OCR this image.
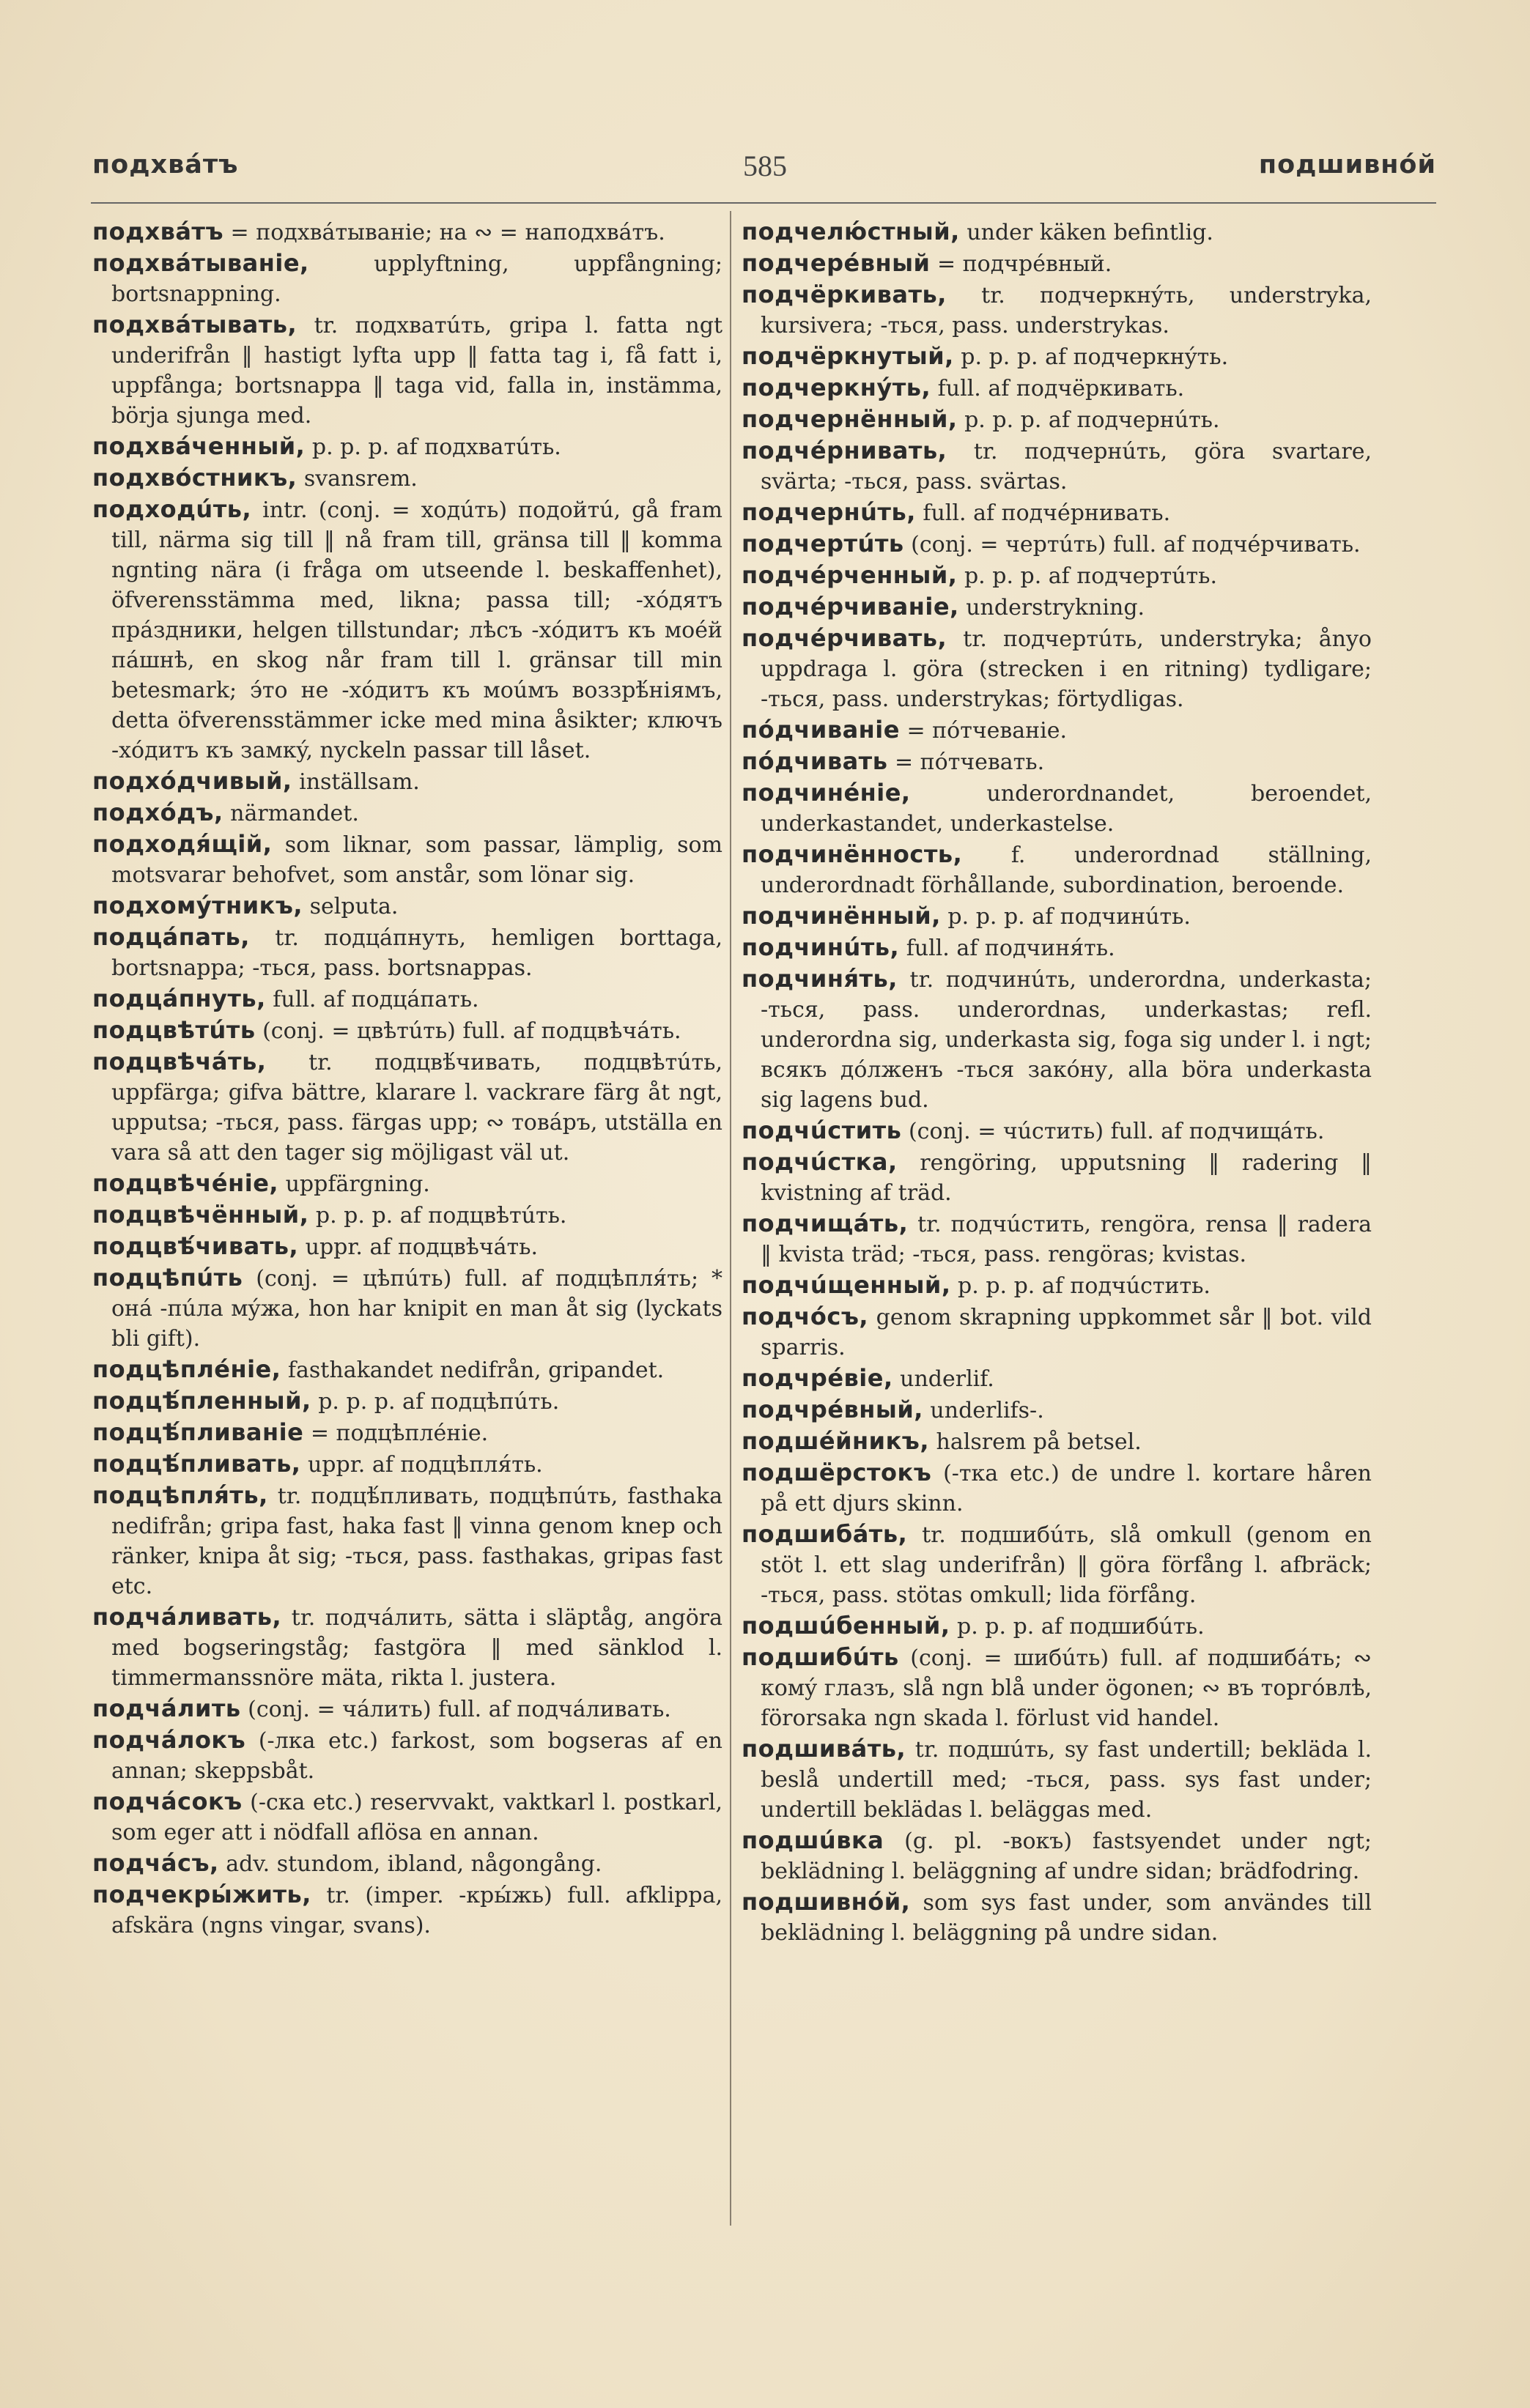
подхвáтъ	585	подшивнóй

подхвáтъ = подхвáтыванiе; на ∾ = наподхвáтъ.

подхвáтыванiе, upplyftning, uppfångning; bortsnappning.

подхвáтывать, tr. подхватúть, gripa l. fatta ngt underifrån ‖ hastigt lyfta upp ‖ fatta tag i, få fatt i, uppfånga; bortsnappa ‖ taga vid, falla in, instämma, börja sjunga med.

подхвáченный, p. p. p. af подхватúть.

подхвóстникъ, svansrem.

подходúть, intr. (conj. = ходúть) подойтú, gå fram till, närma sig till ‖ nå fram till, gränsa till ‖ komma ngnting nära (i fråga om utseende l. beskaffenhet), öfverensstämma med, likna; passa till; -хóдятъ прáздники, helgen tillstundar; лѣсъ -хóдитъ къ моéй пáшнѣ, en skog når fram till l. gränsar till min betesmark; э́то не -хóдитъ къ моúмъ воззрѣ́нiямъ, detta öfverensstämmer icke med mina åsikter; ключъ -хóдитъ къ замкý, nyckeln passar till låset.

подхóдчивый, inställsam.

подхóдъ, närmandet.

подходя́щiй, som liknar, som passar, lämplig, som motsvarar behofvet, som anstår, som lönar sig.

подхомýтникъ, selputa.

подцáпать, tr. подцáпнуть, hemligen borttaga, bortsnappa; -ться, pass. bortsnappas.

подцáпнуть, full. af подцáпать.

подцвѣтúть (conj. = цвѣтúть) full. af подцвѣчáть.

подцвѣчáть, tr. подцвѣ́чивать, подцвѣтúть, uppfärga; gifva bättre, klarare l. vackrare färg åt ngt, upputsa; -ться, pass. färgas upp; ∾ товáръ, utställa en vara så att den tager sig möjligast väl ut.

подцвѣчéнiе, uppfärgning.

подцвѣчённый, p. p. p. af подцвѣтúть.

подцвѣ́чивать, uppr. af подцвѣчáть.

подцѣпúть (conj. = цѣпúть) full. af подцѣпля́ть; * онá -пúла мýжа, hon har knipit en man åt sig (lyckats bli gift).

подцѣплéнiе, fasthakandet nedifrån, gripandet.

подцѣ́пленный, p. p. p. af подцѣпúть.

подцѣ́пливанiе = подцѣплéнiе.

подцѣ́пливать, uppr. af подцѣпля́ть.

подцѣпля́ть, tr. подцѣ́пливать, подцѣпúть, fasthaka nedifrån; gripa fast, haka fast ‖ vinna genom knep och ränker, knipa åt sig; -ться, pass. fasthakas, gripas fast etc.

подчáливать, tr. подчáлить, sätta i släptåg, angöra med bogseringståg; fastgöra ‖ med sänklod l. timmermanssnöre mäta, rikta l. justera.

подчáлить (conj. = чáлить) full. af подчáливать.

подчáлокъ (-лка etc.) farkost, som bogseras af en annan; skeppsbåt.

подчáсокъ (-ска etc.) reservvakt, vaktkarl l. postkarl, som eger att i nödfall aflösa en annan.

подчáсъ, adv. stundom, ibland, någongång.

подчекры́жить, tr. (imper. -кры́жь) full. afklippa, afskära (ngns vingar, svans).

подчелю́стный, under käken befintlig.

подчерéвный = подчрéвный.

подчёркивать, tr. подчеркнýть, understryka, kursivera; -ться, pass. understrykas.

подчёркнутый, p. p. p. af подчеркнýть.

подчеркнýть, full. af подчёркивать.

подчернённый, p. p. p. af подчернúть.

подчéрнивать, tr. подчернúть, göra svartare, svärta; -ться, pass. svärtas.

подчернúть, full. af подчéрнивать.

подчертúть (conj. = чертúть) full. af подчéрчивать.

подчéрченный, p. p. p. af подчертúть.

подчéрчиванiе, understrykning.

подчéрчивать, tr. подчертúть, understryka; ånyo uppdraga l. göra (strecken i en ritning) tydligare; -ться, pass. understrykas; förtydligas.

пóдчиванiе = пóтчеванiе.

пóдчивать = пóтчевать.

подчинéнiе, underordnandet, beroendet, underkastandet, underkastelse.

подчинённость, f. underordnad ställning, underordnadt förhållande, subordination, beroende.

подчинённый, p. p. p. af подчинúть.

подчинúть, full. af подчиня́ть.

подчиня́ть, tr. подчинúть, underordna, underkasta; -ться, pass. underordnas, underkastas; refl. underordna sig, underkasta sig, foga sig under l. i ngt; всякъ дóлженъ -ться закóну, alla böra underkasta sig lagens bud.

подчúстить (conj. = чúстить) full. af подчищáть.

подчúстка, rengöring, upputsning ‖ radering ‖ kvistning af träd.

подчищáть, tr. подчúстить, rengöra, rensa ‖ radera ‖ kvista träd; -ться, pass. rengöras; kvistas.

подчúщенный, p. p. p. af подчúстить.

подчóсъ, genom skrapning uppkommet sår ‖ bot. vild sparris.

подчрéвiе, underlif.

подчрéвный, underlifs-.

подшéйникъ, halsrem på betsel.

подшёрстокъ (-тка etc.) de undre l. kortare håren på ett djurs skinn.

подшибáть, tr. подшибúть, slå omkull (genom en stöt l. ett slag underifrån) ‖ göra förfång l. afbräck; -ться, pass. stötas omkull; lida förfång.

подшúбенный, p. p. p. af подшибúть.

подшибúть (conj. = шибúть) full. af подшибáть; ∾ комý глазъ, slå ngn blå under ögonen; ∾ въ торгóвлѣ, förorsaka ngn skada l. förlust vid handel.

подшивáть, tr. подшúть, sy fast undertill; bekläda l. beslå undertill med; -ться, pass. sys fast under; undertill beklädas l. beläggas med.

подшúвка (g. pl. -вокъ) fastsyendet under ngt; beklädning l. beläggning af undre sidan; brädfodring.

подшивнóй, som sys fast under, som användes till beklädning l. beläggning på undre sidan.
